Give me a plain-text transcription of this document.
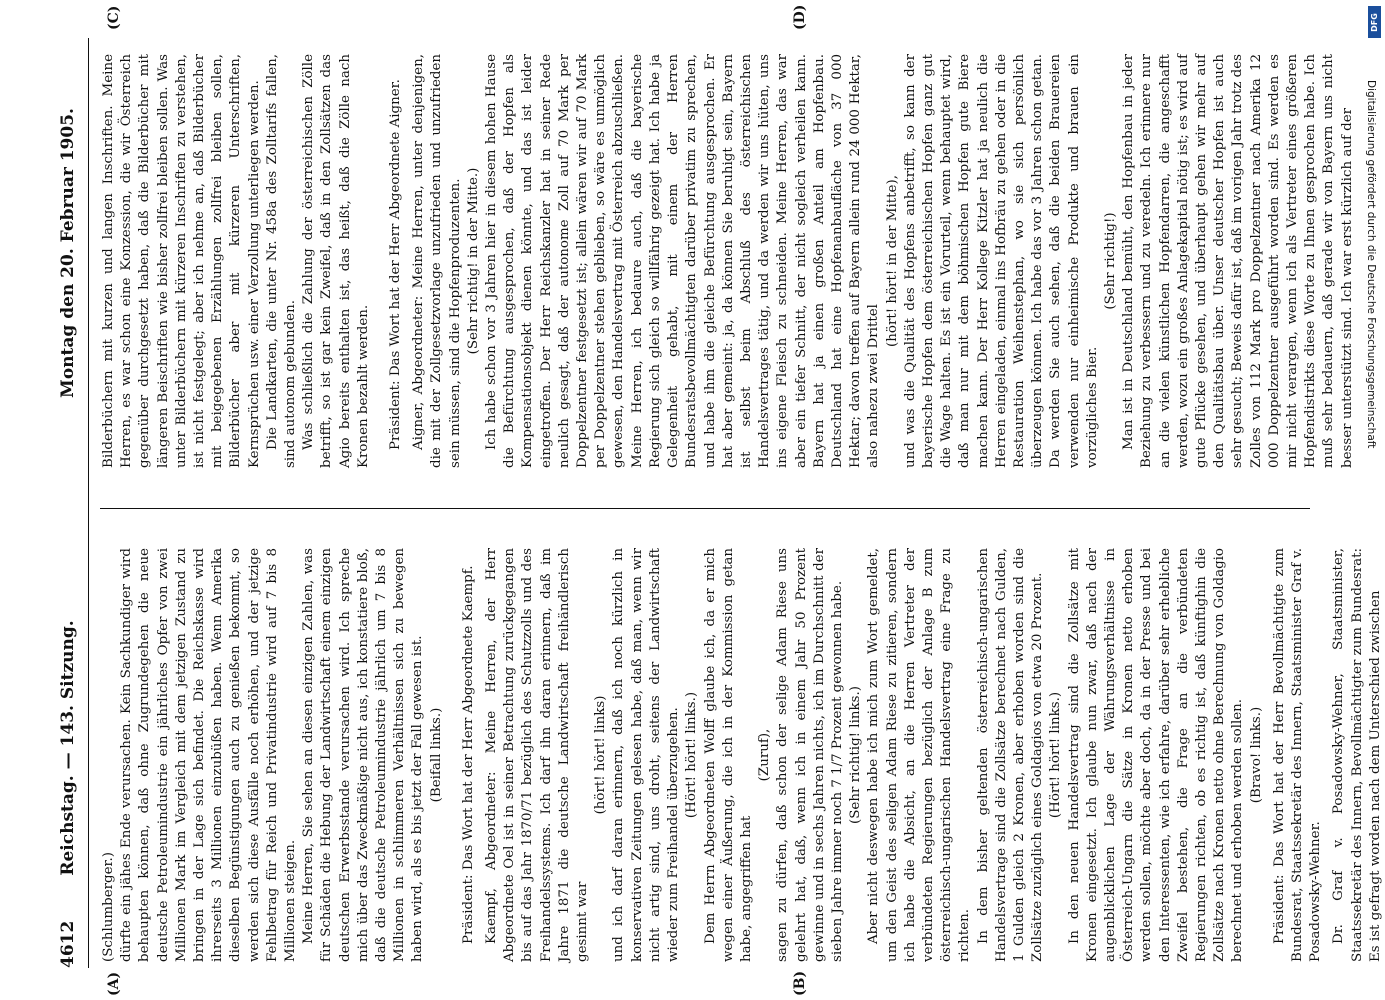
4612
Reichstag. — 143. Sitzung.
Montag den 20. Februar 1905.
(A)	(B)
(C)	(D)

(Schlumberger.) dürfte ein jähes Ende verursachen. Kein Sachkundiger wird behaupten können, daß ohne Zugrundegehen die neue deutsche Petroleumindustrie ein jährliches Opfer von zwei Millionen Mark im Vergleich mit dem jetzigen Zustand zu bringen in der Lage sich befindet. Die Reichskasse wird ihrerseits 3 Millionen einzubüßen haben. Wenn Amerika dieselben Begünstigungen auch zu genießen bekommt, so werden sich diese Ausfälle noch erhöhen, und der jetzige Fehlbetrag für Reich und Privatindustrie wird auf 7 bis 8 Millionen steigen. Meine Herren, Sie sehen an diesen einzigen Zahlen, was für Schäden die Hebung der Landwirtschaft einem einzigen deutschen Erwerbsstande verursachen wird. Ich spreche mich über das Zweckmäßige nicht aus, ich konstatiere bloß, daß die deutsche Petroleumindustrie jährlich um 7 bis 8 Millionen in schlimmeren Verhältnissen sich zu bewegen haben wird, als es bis jetzt der Fall gewesen ist. (Beifall links.) Präsident: Das Wort hat der Herr Abgeordnete Kaempf. Kaempf, Abgeordneter: Meine Herren, der Herr Abgeordnete Oel ist in seiner Betrachtung zurückgegangen bis auf das Jahr 1870/71 bezüglich des Schutzzolls und des Freihandelssystems. Ich darf ihn daran erinnern, daß im Jahre 1871 die deutsche Landwirtschaft freihändlerisch gesinnt war

(hört! hört! links) und ich darf daran erinnern, daß ich noch kürzlich in konservativen Zeitungen gelesen habe, daß man, wenn wir nicht artig sind, uns droht, seitens der Landwirtschaft wieder zum Freihandel überzugehen. (Hört! hört! links.) Dem Herrn Abgeordneten Wolff glaube ich, da er mich wegen einer Äußerung, die ich in der Kommission getan habe, angegriffen hat

(Zuruf), sagen zu dürfen, daß schon der selige Adam Riese uns gelehrt hat, daß, wenn ich in einem Jahr 50 Prozent gewinne und in sechs Jahren nichts, ich im Durchschnitt der sieben Jahre immer noch 7 1/7 Prozent gewonnen habe. (Sehr richtig! links.) Aber nicht deswegen habe ich mich zum Wort gemeldet, um den Geist des seligen Adam Riese zu zitieren, sondern ich habe die Absicht, an die Herren Vertreter der verbündeten Regierungen bezüglich der Anlage B zum österreichisch-ungarischen Handelsvertrag eine Frage zu richten. In dem bisher geltenden österreichisch-ungarischen Handelsvertrage sind die Zollsätze berechnet nach Gulden, 1 Gulden gleich 2 Kronen, aber erhoben worden sind die Zollsätze zuzüglich eines Goldagios von etwa 20 Prozent. (Hört! hört! links.) In den neuen Handelsvertrag sind die Zollsätze mit Kronen eingesetzt. Ich glaube nun zwar, daß nach der augenblicklichen Lage der Währungsverhältnisse in Österreich-Ungarn die Sätze in Kronen netto erhoben werden sollen, möchte aber doch, da in der Presse und bei den Interessenten, wie ich erfahre, darüber sehr erhebliche Zweifel bestehen, die Frage an die verbündeten Regierungen richten, ob es richtig ist, daß künftighin die Zollsätze nach Kronen netto ohne Berechnung von Goldagio berechnet und erhoben werden sollen. (Bravo! links.) Präsident: Das Wort hat der Herr Bevollmächtigte zum Bundesrat, Staatssekretär des Innern, Staatsminister Graf v. Posadowsky-Wehner. Dr. Graf v. Posadowsky-Wehner, Staatsminister, Staatssekretär des Innern, Bevollmächtigter zum Bundesrat: Es ist gefragt worden nach dem Unterschied zwischen

Bilderbüchern mit kurzen und langen Inschriften. Meine Herren, es war schon eine Konzession, die wir Österreich gegenüber durchgesetzt haben, daß die Bilderbücher mit längeren Beischriften wie bisher zollfrei bleiben sollen. Was unter Bilderbüchern mit kürzeren Inschriften zu verstehen, ist nicht festgelegt; aber ich nehme an, daß Bilderbücher mit beigegebenen Erzählungen zollfrei bleiben sollen, Bilderbücher aber mit kürzeren Unterschriften, Kernsprüchen usw. einer Verzollung unterliegen werden. Die Landkarten, die unter Nr. 458a des Zolltarifs fallen, sind autonom gebunden. Was schließlich die Zahlung der österreichischen Zölle betrifft, so ist gar kein Zweifel, daß in den Zollsätzen das Agio bereits enthalten ist, das heißt, daß die Zölle nach Kronen bezahlt werden. Präsident: Das Wort hat der Herr Abgeordnete Aigner. Aigner, Abgeordneter: Meine Herren, unter denjenigen, die mit der Zollgesetzvorlage unzufrieden und unzufrieden sein müssen, sind die Hopfenproduzenten. (Sehr richtig! in der Mitte.) Ich habe schon vor 3 Jahren hier in diesem hohen Hause die Befürchtung ausgesprochen, daß der Hopfen als Kompensationsobjekt dienen könnte, und das ist leider eingetroffen. Der Herr Reichskanzler hat in seiner Rede neulich gesagt, daß der autonome Zoll auf 70 Mark per Doppelzentner festgesetzt ist; allein wären wir auf 70 Mark per Doppelzentner stehen geblieben, so wäre es unmöglich gewesen, den Handelsvertrag mit Österreich abzuschließen. Meine Herren, ich bedaure auch, daß die bayerische Regierung sich gleich so willfährig gezeigt hat. Ich habe ja Gelegenheit gehabt, mit einem der Herren Bundesratsbevollmächtigten darüber privatim zu sprechen, und habe ihm die gleiche Befürchtung ausgesprochen. Er hat aber gemeint: ja, da können Sie beruhigt sein, Bayern ist selbst beim Abschluß des österreichischen Handelsvertrages tätig, und da werden wir uns hüten, uns ins eigene Fleisch zu schneiden. Meine Herren, das war aber ein tiefer Schnitt, der nicht sogleich verheilen kann. Bayern hat ja einen großen Anteil am Hopfenbau. Deutschland hat eine Hopfenanbaufläche von 37 000 Hektar; davon treffen auf Bayern allein rund 24 000 Hektar, also nahezu zwei Drittel

(hört! hört! in der Mitte), und was die Qualität des Hopfens anbetrifft, so kann der bayerische Hopfen dem österreichischen Hopfen ganz gut die Wage halten. Es ist ein Vorurteil, wenn behauptet wird, daß man nur mit dem böhmischen Hopfen gute Biere machen kann. Der Herr Kollege Kitzler hat ja neulich die Herren eingeladen, einmal ins Hofbräu zu gehen oder in die Restauration Weihenstephan, wo sie sich persönlich überzeugen können. Ich habe das vor 3 Jahren schon getan. Da werden Sie auch sehen, daß die beiden Brauereien verwenden nur einheimische Produkte und brauen ein vorzügliches Bier.

(Sehr richtig!) Man ist in Deutschland bemüht, den Hopfenbau in jeder Beziehung zu verbessern und zu veredeln. Ich erinnere nur an die vielen künstlichen Hopfendarren, die angeschafft werden, wozu ein großes Anlagekapital nötig ist; es wird auf gute Pflücke gesehen, und überhaupt gehen wir mehr auf den Qualitätsbau über. Unser deutscher Hopfen ist auch sehr gesucht; Beweis dafür ist, daß im vorigen Jahr trotz des Zolles von 112 Mark pro Doppelzentner nach Amerika 12 000 Doppelzentner ausgeführt worden sind. Es werden es mir nicht verargen, wenn ich als Vertreter eines größeren Hopfendistrikts diese Worte zu Ihnen gesprochen habe. Ich muß sehr bedauern, daß gerade wir von Bayern uns nicht besser unterstützt sind. Ich war erst kürzlich auf der Digitalisierung gefördert durch die Deutsche Forschungsgemeinschaft
DFG
